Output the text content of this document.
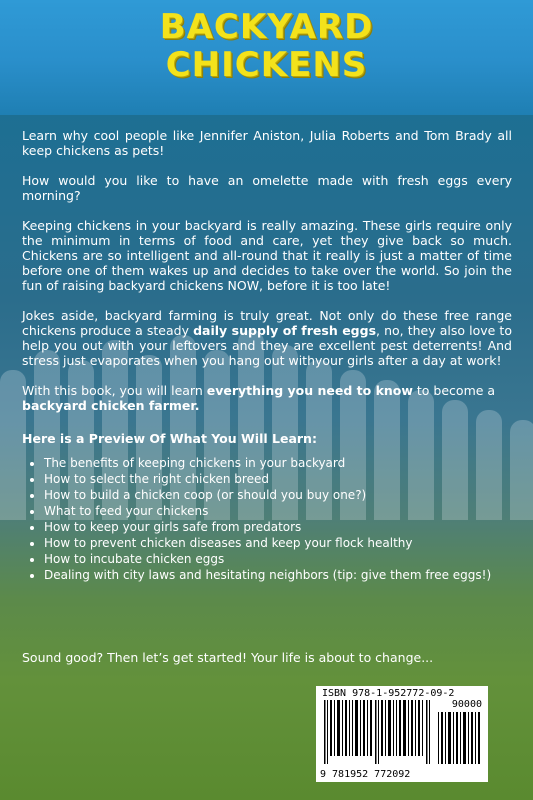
BACKYARD
CHICKENS

Learn why cool people like Jennifer Aniston, Julia Roberts and Tom Brady all keep chickens as pets!

How would you like to have an omelette made with fresh eggs every morning?

Keeping chickens in your backyard is really amazing. These girls require only the minimum in terms of food and care, yet they give back so much. Chickens are so intelligent and all-round that it really is just a matter of time before one of them wakes up and decides to take over the world. So join the fun of raising backyard chickens NOW, before it is too late!

Jokes aside, backyard farming is truly great. Not only do these free range chickens produce a steady daily supply of fresh eggs, no, they also love to help you out with your leftovers and they are excellent pest deterrents! And stress just evaporates when you hang out withyour girls after a day at work!

With this book, you will learn everything you need to know to become a backyard chicken farmer.

Here is a Preview Of What You Will Learn:
• The benefits of keeping chickens in your backyard
• How to select the right chicken breed
• How to build a chicken coop (or should you buy one?)
• What to feed your chickens
• How to keep your girls safe from predators
• How to prevent chicken diseases and keep your flock healthy
• How to incubate chicken eggs
• Dealing with city laws and hesitating neighbors (tip: give them free eggs!)
Sound good? Then let’s get started! Your life is about to change...
ISBN 978-1-952772-09-2
90000
9 781952 772092
